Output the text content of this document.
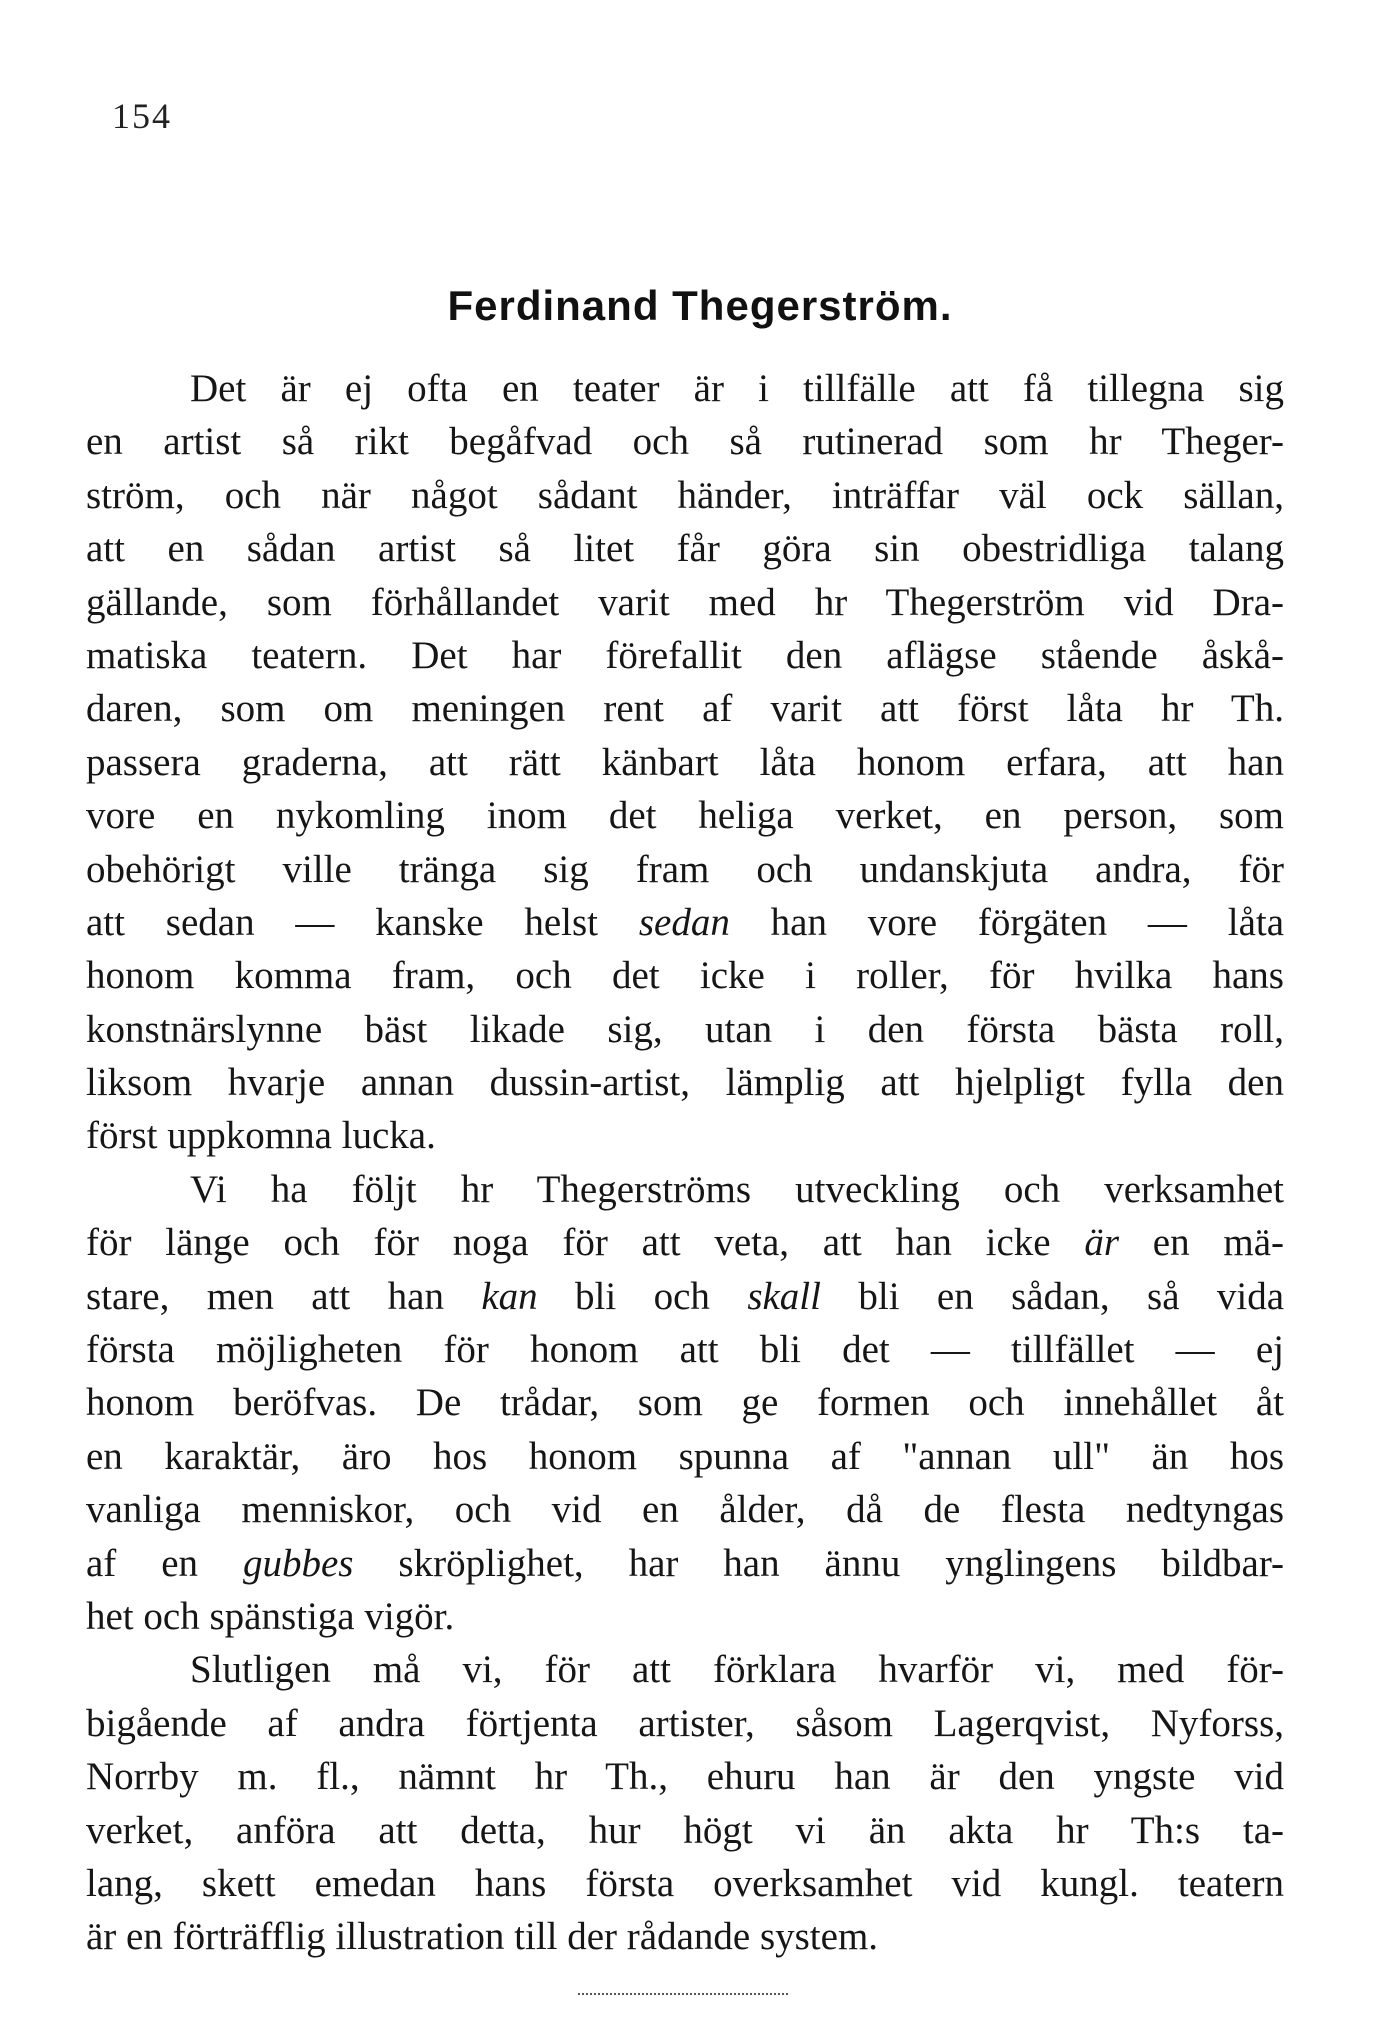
154
Ferdinand Thegerström.
Det är ej ofta en teater är i tillfälle att få tillegna sig
en artist så rikt begåfvad och så rutinerad som hr Theger-
ström, och när något sådant händer, inträffar väl ock sällan,
att en sådan artist så litet får göra sin obestridliga talang
gällande, som förhållandet varit med hr Thegerström vid Dra-
matiska teatern. Det har förefallit den aflägse stående åskå-
daren, som om meningen rent af varit att först låta hr Th.
passera graderna, att rätt känbart låta honom erfara, att han
vore en nykomling inom det heliga verket, en person, som
obehörigt ville tränga sig fram och undanskjuta andra, för
att sedan — kanske helst sedan han vore förgäten — låta
honom komma fram, och det icke i roller, för hvilka hans
konstnärslynne bäst likade sig, utan i den första bästa roll,
liksom hvarje annan dussin-artist, lämplig att hjelpligt fylla den
först uppkomna lucka.
Vi ha följt hr Thegerströms utveckling och verksamhet
för länge och för noga för att veta, att han icke är en mä-
stare, men att han kan bli och skall bli en sådan, så vida
första möjligheten för honom att bli det — tillfället — ej
honom beröfvas. De trådar, som ge formen och innehållet åt
en karaktär, äro hos honom spunna af "annan ull" än hos
vanliga menniskor, och vid en ålder, då de flesta nedtyngas
af en gubbes skröplighet, har han ännu ynglingens bildbar-
het och spänstiga vigör.
Slutligen må vi, för att förklara hvarför vi, med för-
bigående af andra förtjenta artister, såsom Lagerqvist, Nyforss,
Norrby m. fl., nämnt hr Th., ehuru han är den yngste vid
verket, anföra att detta, hur högt vi än akta hr Th:s ta-
lang, skett emedan hans första overksamhet vid kungl. teatern
är en förträfflig illustration till der rådande system.
